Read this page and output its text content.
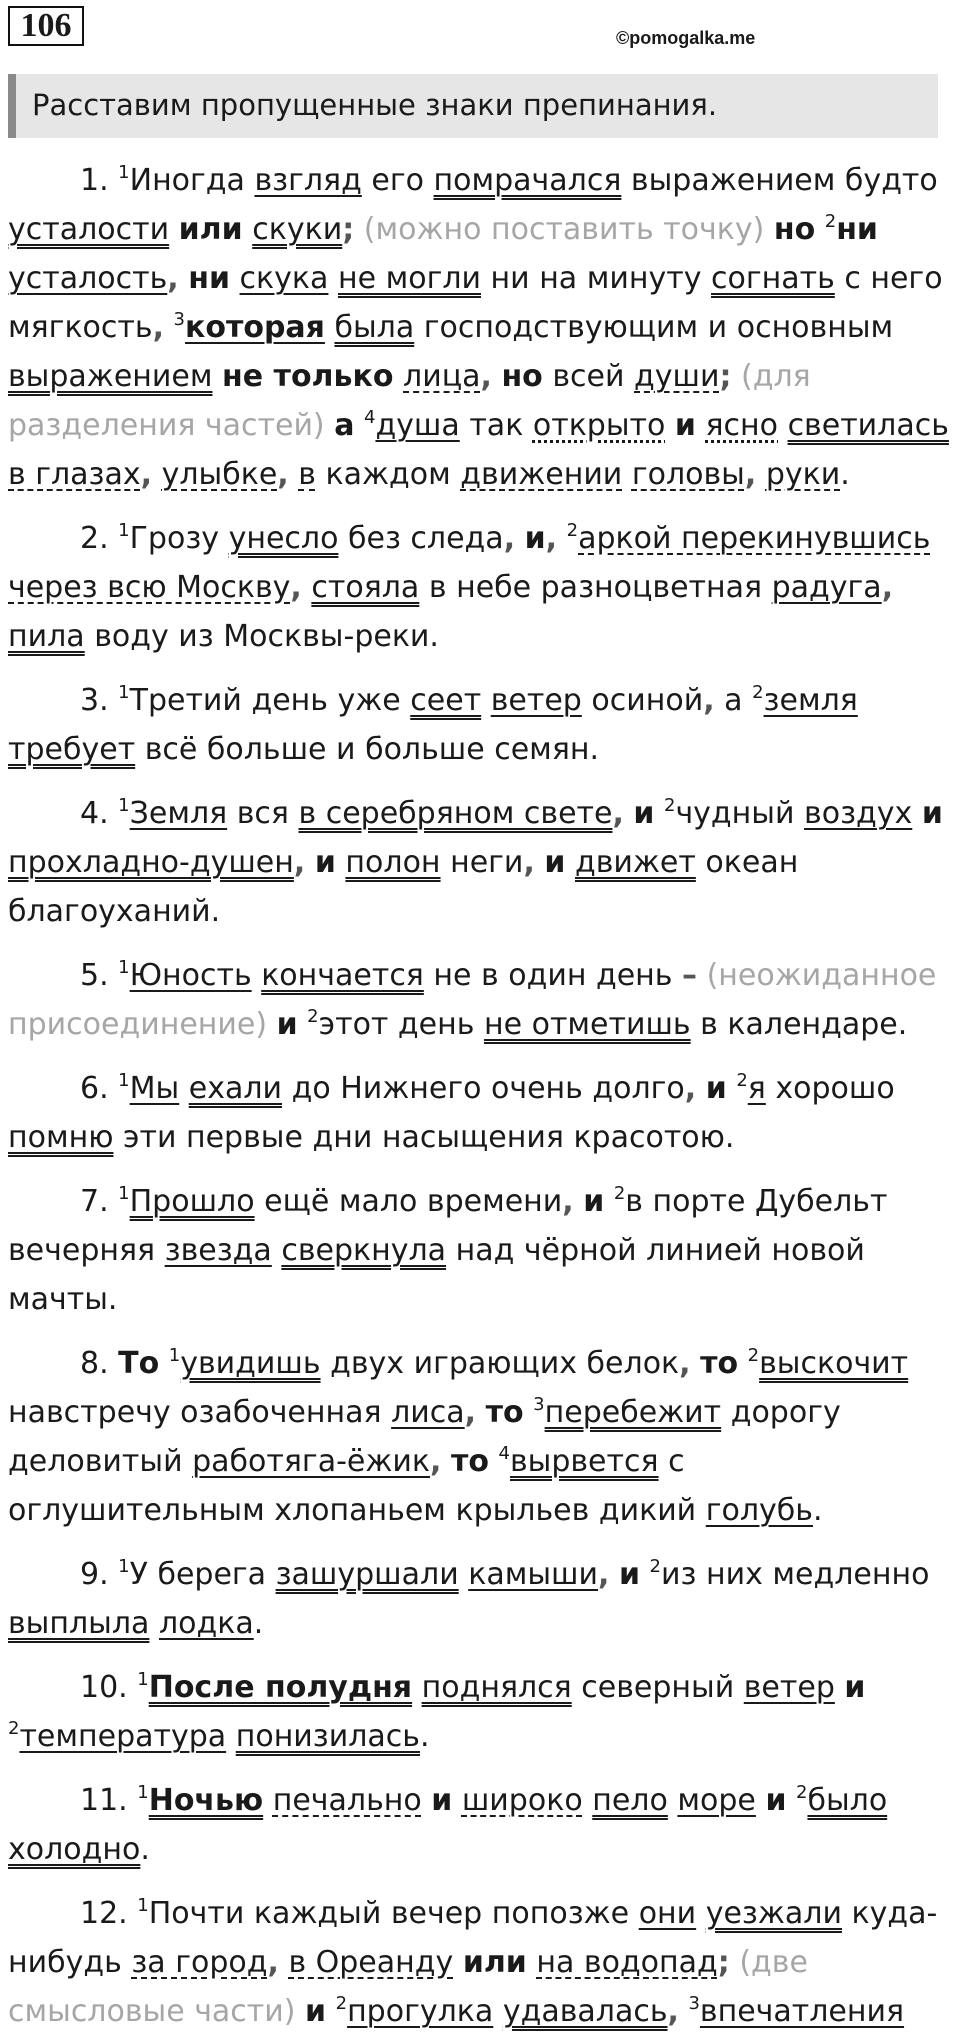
106	©pomogalka.me
Расставим пропущенные знаки препинания.

1. $^1$Иногда взгляд его помрачался выражением будто усталости или скуки; (можно поставить точку) но $^2$ни усталость, ни скука не могли ни на минуту согнать с него мягкость, $^3$которая была господствующим и основным выражением не только лица, но всей души; (для разделения частей) а $^4$душа так открыто и ясно светилась в глазах, улыбке, в каждом движении головы, руки.

2. $^1$Грозу унесло без следа, и, $^2$аркой перекинувшись через всю Москву, стояла в небе разноцветная радуга, пила воду из Москвы-реки.

3. $^1$Третий день уже сеет ветер осиной, а $^2$земля требует всё больше и больше семян.

4. $^1$Земля вся в серебряном свете, и $^2$чудный воздух и прохладно-душен, и полон неги, и движет океан благоуханий.

5. $^1$Юность кончается не в один день – (неожиданное присоединение) и $^2$этот день не отметишь в календаре.

6. $^1$Мы ехали до Нижнего очень долго, и $^2$я хорошо помню эти первые дни насыщения красотою.

7. $^1$Прошло ещё мало времени, и $^2$в порте Дубельт вечерняя звезда сверкнула над чёрной линией новой мачты.

8. То $^1$увидишь двух играющих белок, то $^2$выскочит навстречу озабоченная лиса, то $^3$перебежит дорогу деловитый работяга-ёжик, то $^4$вырвется с оглушительным хлопаньем крыльев дикий голубь.

9. $^1$У берега зашуршали камыши, и $^2$из них медленно выплыла лодка.

10. $^1$После полудня поднялся северный ветер и $^2$температура понизилась.

11. $^1$Ночью печально и широко пело море и $^2$было холодно.

12. $^1$Почти каждый вечер попозже они уезжали куда-нибудь за город, в Ореанду или на водопад; (две смысловые части) и $^2$прогулка удавалась, $^3$впечатления
